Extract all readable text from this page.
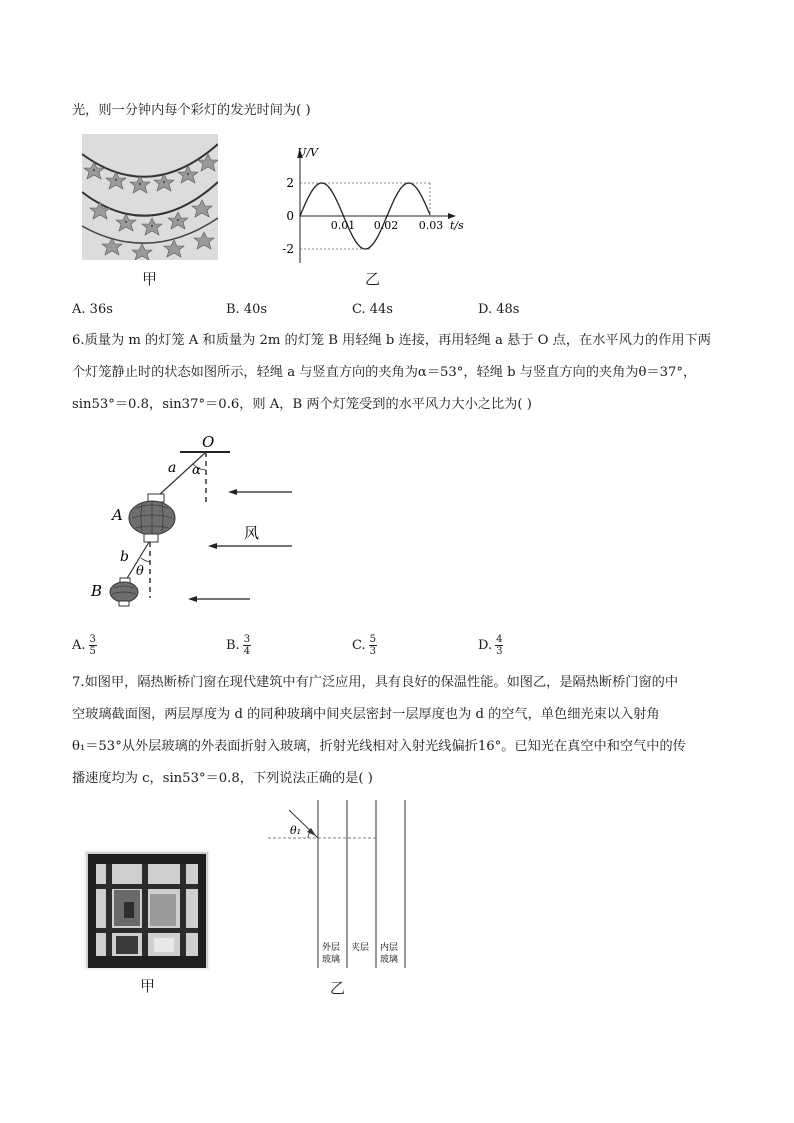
光，则一分钟内每个彩灯的发光时间为( )
甲
U/V
2
0
-2
0.01 0.02 0.03 t/s
乙
A. 36s	B. 40s	C. 44s	D. 48s
6.质量为 m 的灯笼 A 和质量为 2m 的灯笼 B 用轻绳 b 连接，再用轻绳 a 悬于 O 点，在水平风力的作用下两
个灯笼静止时的状态如图所示，轻绳 a 与竖直方向的夹角为α＝53°，轻绳 b 与竖直方向的夹角为θ＝37°，
sin53°＝0.8，sin37°＝0.6，则 A，B 两个灯笼受到的水平风力大小之比为( )
O
a α
A
b
θ
B
风
A. $\frac{3}{5}$	B. $\frac{3}{4}$	C. $\frac{5}{3}$	D. $\frac{4}{3}$
7.如图甲，隔热断桥门窗在现代建筑中有广泛应用，具有良好的保温性能。如图乙，是隔热断桥门窗的中
空玻璃截面图，两层厚度为 d 的同种玻璃中间夹层密封一层厚度也为 d 的空气，单色细光束以入射角
θ₁＝53°从外层玻璃的外表面折射入玻璃，折射光线相对入射光线偏折16°。已知光在真空中和空气中的传
播速度均为 c，sin53°＝0.8，下列说法正确的是( )
甲
θ₁
外层
玻璃
夹层 内层
玻璃
乙
